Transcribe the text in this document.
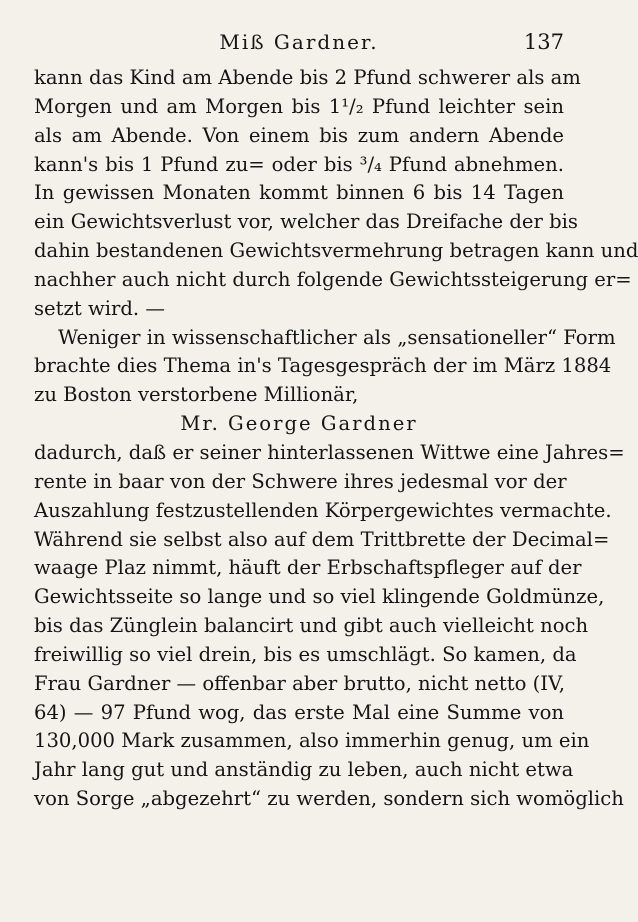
Miß Gardner.	137
kann das Kind am Abende bis 2 Pfund schwerer als am
Morgen und am Morgen bis 1¹/₂ Pfund leichter sein
als am Abende. Von einem bis zum andern Abende
kann's bis 1 Pfund zu= oder bis ³/₄ Pfund abnehmen.
In gewissen Monaten kommt binnen 6 bis 14 Tagen
ein Gewichtsverlust vor, welcher das Dreifache der bis
dahin bestandenen Gewichtsvermehrung betragen kann und
nachher auch nicht durch folgende Gewichtssteigerung er=
setzt wird. —
Weniger in wissenschaftlicher als „sensationeller“ Form
brachte dies Thema in's Tagesgespräch der im März 1884
zu Boston verstorbene Millionär,
Mr. George Gardner
dadurch, daß er seiner hinterlassenen Wittwe eine Jahres=
rente in baar von der Schwere ihres jedesmal vor der
Auszahlung festzustellenden Körpergewichtes vermachte.
Während sie selbst also auf dem Trittbrette der Decimal=
waage Plaz nimmt, häuft der Erbschaftspfleger auf der
Gewichtsseite so lange und so viel klingende Goldmünze,
bis das Zünglein balancirt und gibt auch vielleicht noch
freiwillig so viel drein, bis es umschlägt. So kamen, da
Frau Gardner — offenbar aber brutto, nicht netto (IV,
64) — 97 Pfund wog, das erste Mal eine Summe von
130,000 Mark zusammen, also immerhin genug, um ein
Jahr lang gut und anständig zu leben, auch nicht etwa
von Sorge „abgezehrt“ zu werden, sondern sich womöglich
